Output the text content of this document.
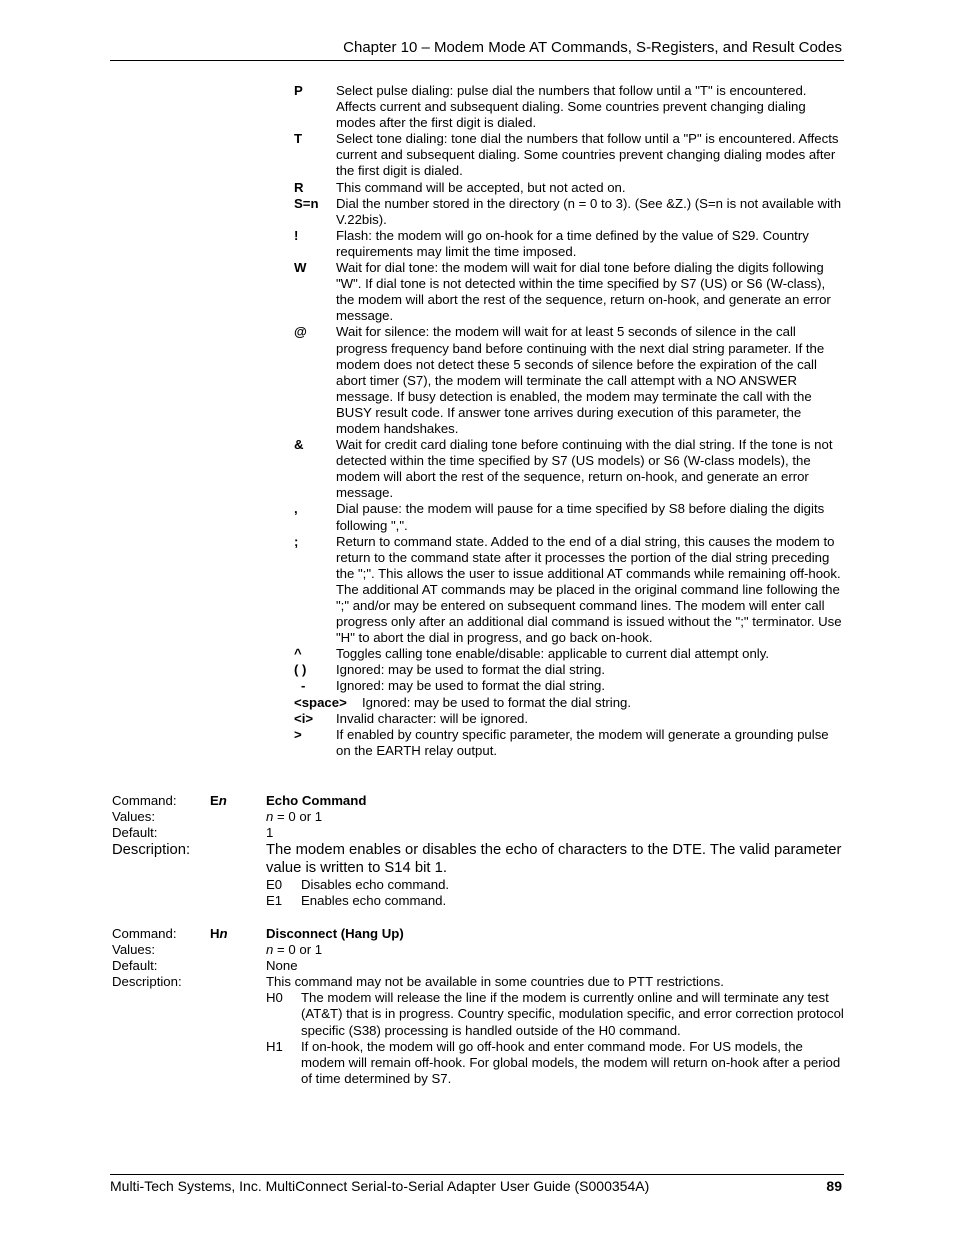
Chapter 10 – Modem Mode AT Commands, S-Registers, and Result Codes
P	Select pulse dialing: pulse dial the numbers that follow until a "T" is encountered. Affects current and subsequent dialing. Some countries prevent changing dialing modes after the first digit is dialed.
T	Select tone dialing: tone dial the numbers that follow until a "P" is encountered. Affects current and subsequent dialing. Some countries prevent changing dialing modes after the first digit is dialed.
R This command will be accepted, but not acted on.
S=n Dial the number stored in the directory (n = 0 to 3). (See &Z.) (S=n is not available with V.22bis).
!	Flash: the modem will go on-hook for a time defined by the value of S29. Country requirements may limit the time imposed.
W Wait for dial tone: the modem will wait for dial tone before dialing the digits following "W". If dial tone is not detected within the time specified by S7 (US) or S6 (W-class), the modem will abort the rest of the sequence, return on-hook, and generate an error message.
@ Wait for silence: the modem will wait for at least 5 seconds of silence in the call progress frequency band before continuing with the next dial string parameter. If the modem does not detect these 5 seconds of silence before the expiration of the call abort timer (S7), the modem will terminate the call attempt with a NO ANSWER message. If busy detection is enabled, the modem may terminate the call with the BUSY result code. If answer tone arrives during execution of this parameter, the modem handshakes.
& Wait for credit card dialing tone before continuing with the dial string. If the tone is not detected within the time specified by S7 (US models) or S6 (W-class models), the modem will abort the rest of the sequence, return on-hook, and generate an error message.
,	Dial pause: the modem will pause for a time specified by S8 before dialing the digits following ",".
;	Return to command state. Added to the end of a dial string, this causes the modem to return to the command state after it processes the portion of the dial string preceding the ";". This allows the user to issue additional AT commands while remaining off-hook. The additional AT commands may be placed in the original command line following the ";" and/or may be entered on subsequent command lines. The modem will enter call progress only after an additional dial command is issued without the ";" terminator. Use "H" to abort the dial in progress, and go back on-hook.
^	Toggles calling tone enable/disable: applicable to current dial attempt only.
( ) Ignored: may be used to format the dial string.
- Ignored: may be used to format the dial string.
<space> Ignored: may be used to format the dial string.
<i> Invalid character: will be ignored.
>	If enabled by country specific parameter, the modem will generate a grounding pulse on the EARTH relay output.
Command:	En	Echo Command
Values:	n = 0 or 1
Default:	1
Description:	The modem enables or disables the echo of characters to the DTE. The valid parameter value is written to S14 bit 1.
E0 Disables echo command.
E1 Enables echo command.
Command:	Hn	Disconnect (Hang Up)
Values:	n = 0 or 1
Default:	None
Description:	This command may not be available in some countries due to PTT restrictions.
H0 The modem will release the line if the modem is currently online and will terminate any test (AT&T) that is in progress. Country specific, modulation specific, and error correction protocol specific (S38) processing is handled outside of the H0 command.
H1 If on-hook, the modem will go off-hook and enter command mode. For US models, the modem will remain off-hook. For global models, the modem will return on-hook after a period of time determined by S7.
Multi-Tech Systems, Inc. MultiConnect Serial-to-Serial Adapter User Guide (S000354A)	89
